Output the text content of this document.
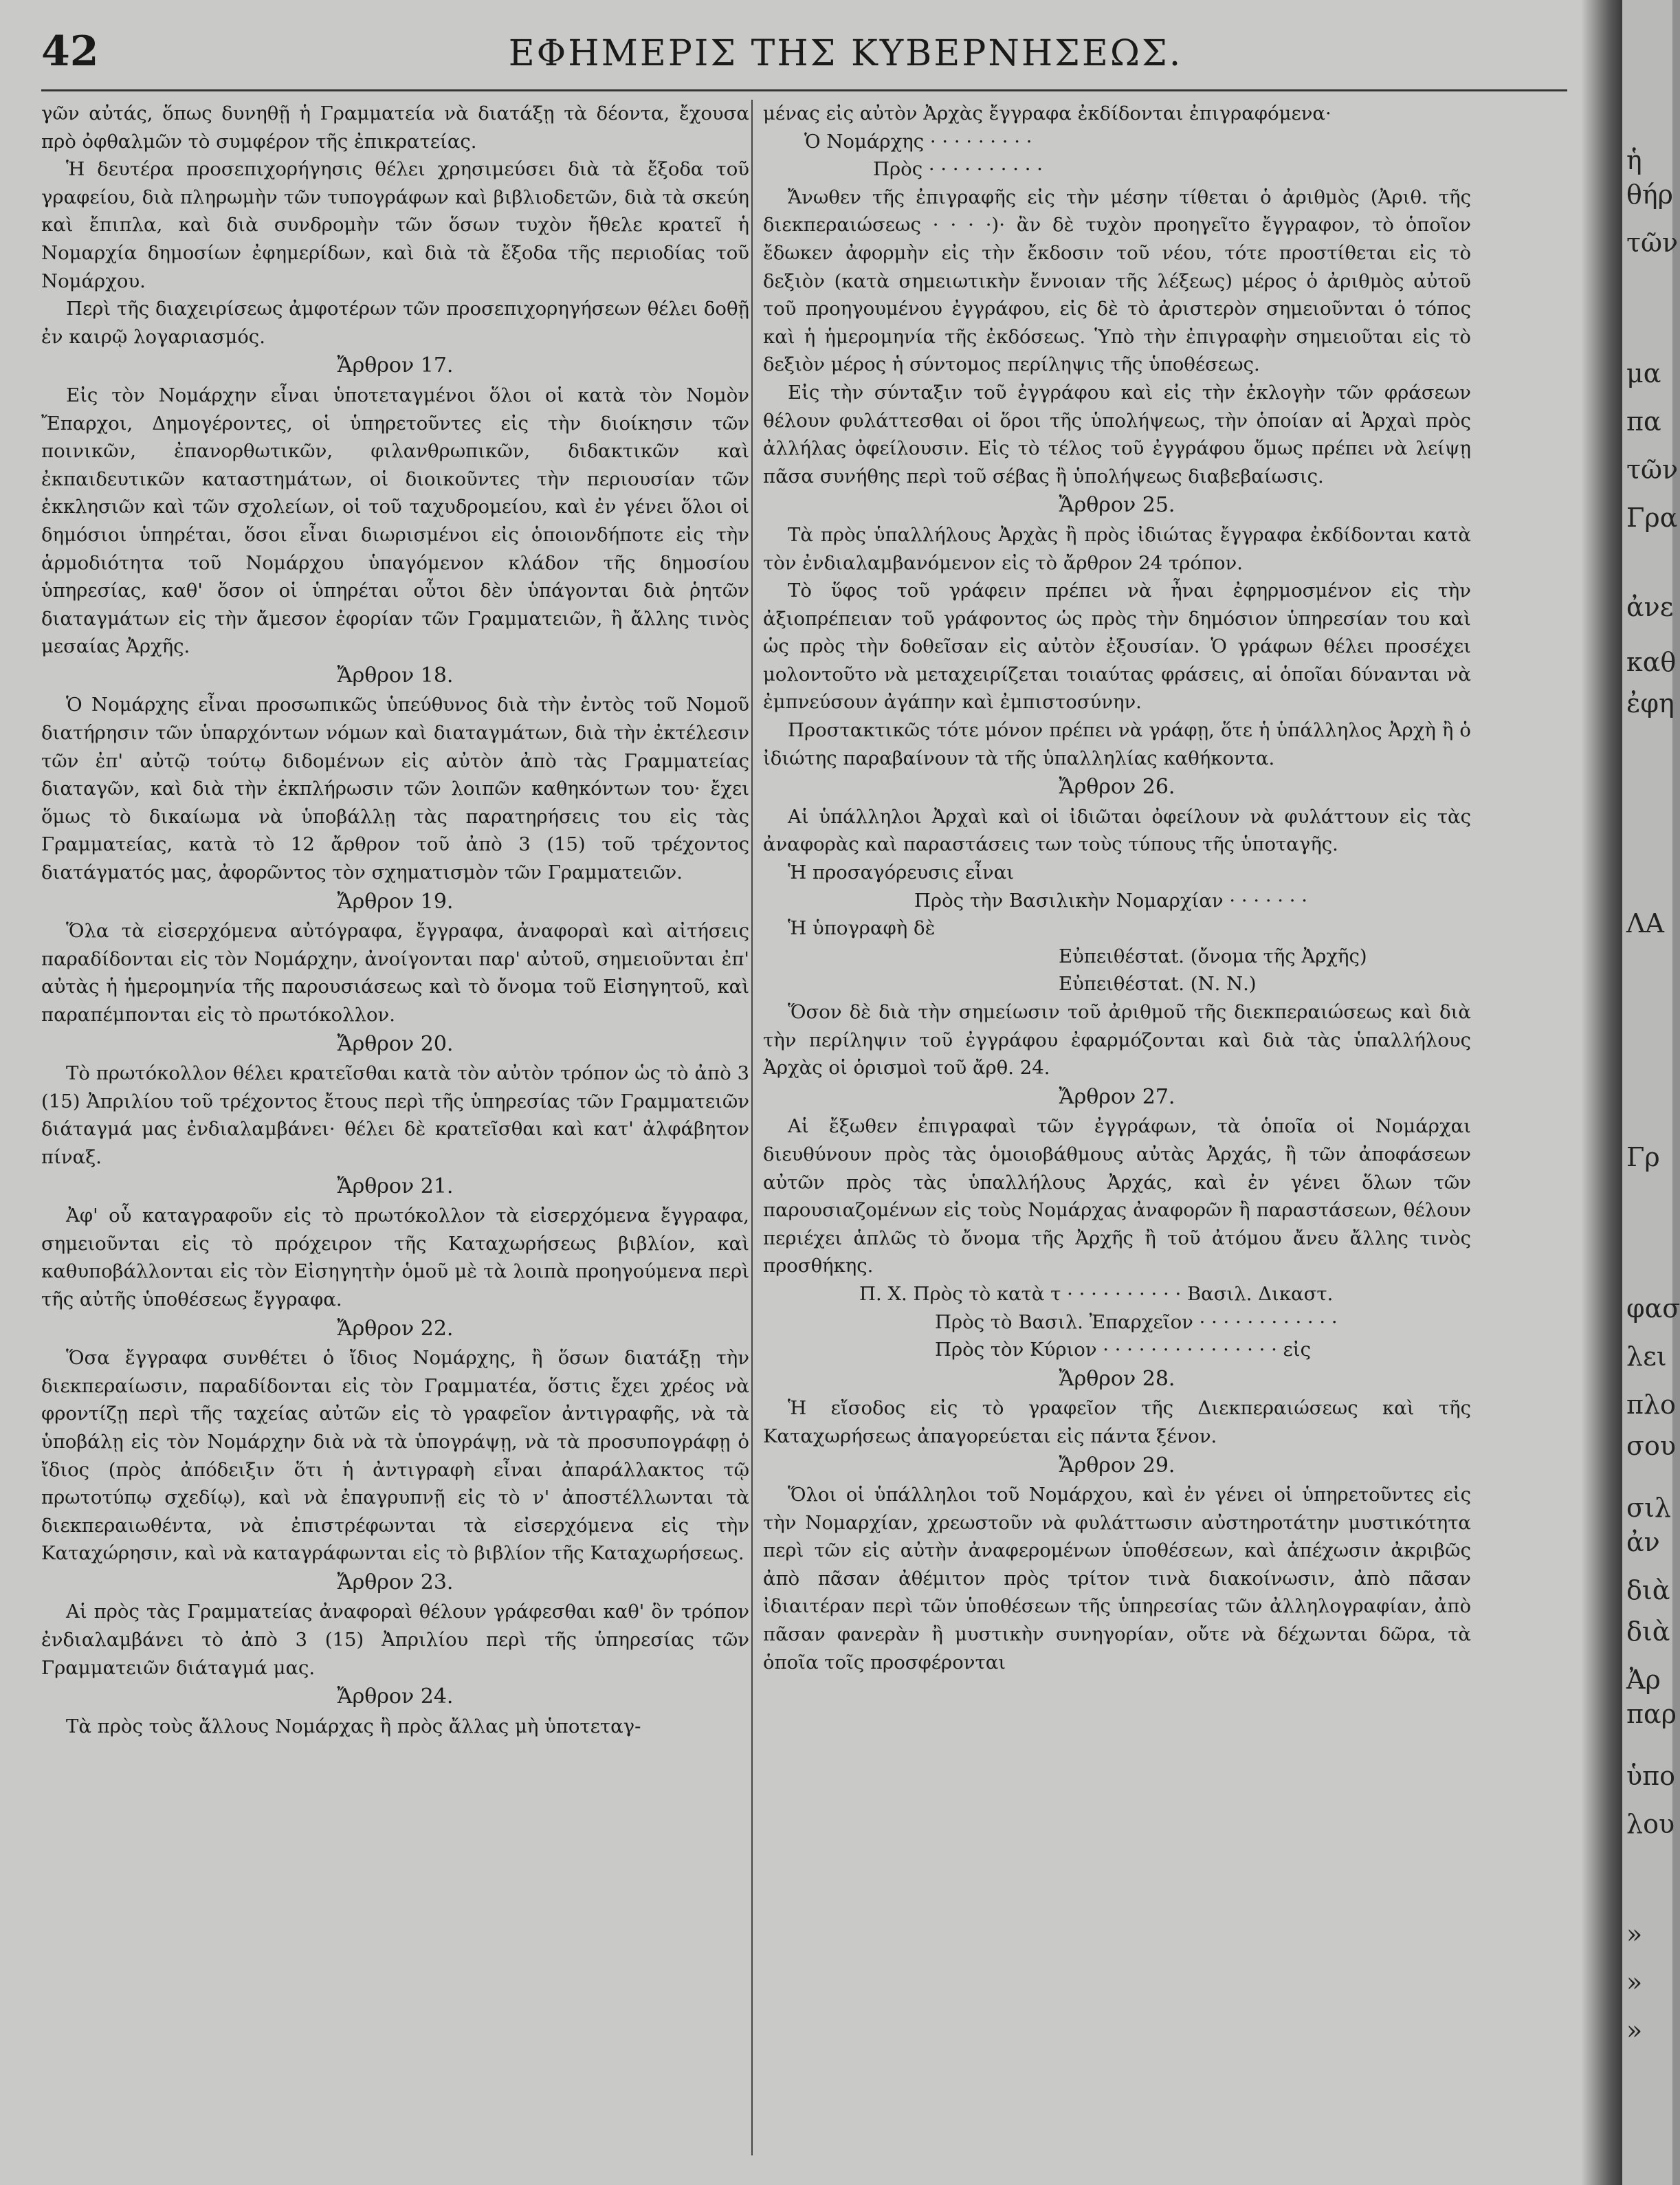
42	ΕΦΗΜΕΡΙΣ ΤΗΣ ΚΥΒΕΡΝΗΣΕΩΣ.

γῶν αὐτάς, ὅπως δυνηθῇ ἡ Γραμματεία νὰ διατάξῃ τὰ δέοντα, ἔχουσα πρὸ ὀφθαλμῶν τὸ συμφέρον τῆς ἐπικρατείας.

Ἡ δευτέρα προσεπιχορήγησις θέλει χρησιμεύσει διὰ τὰ ἔξοδα τοῦ γραφείου, διὰ πληρωμὴν τῶν τυπογράφων καὶ βιβλιοδετῶν, διὰ τὰ σκεύη καὶ ἔπιπλα, καὶ διὰ συνδρομὴν τῶν ὅσων τυχὸν ἤθελε κρατεῖ ἡ Νομαρχία δημοσίων ἐφημερίδων, καὶ διὰ τὰ ἔξοδα τῆς περιοδίας τοῦ Νομάρχου.

Περὶ τῆς διαχειρίσεως ἀμφοτέρων τῶν προσεπιχορηγήσεων θέλει δοθῇ ἐν καιρῷ λογαριασμός.

Ἄρθρον 17.

Εἰς τὸν Νομάρχην εἶναι ὑποτεταγμένοι ὅλοι οἱ κατὰ τὸν Νομὸν Ἔπαρχοι, Δημογέροντες, οἱ ὑπηρετοῦντες εἰς τὴν διοίκησιν τῶν ποινικῶν, ἐπανορθωτικῶν, φιλανθρωπικῶν, διδακτικῶν καὶ ἐκπαιδευτικῶν καταστημάτων, οἱ διοικοῦντες τὴν περιουσίαν τῶν ἐκκλησιῶν καὶ τῶν σχολείων, οἱ τοῦ ταχυδρομείου, καὶ ἐν γένει ὅλοι οἱ δημόσιοι ὑπηρέται, ὅσοι εἶναι διωρισμένοι εἰς ὁποιονδήποτε εἰς τὴν ἁρμοδιότητα τοῦ Νομάρχου ὑπαγόμενον κλάδον τῆς δημοσίου ὑπηρεσίας, καθ' ὅσον οἱ ὑπηρέται οὗτοι δὲν ὑπάγονται διὰ ῥητῶν διαταγμάτων εἰς τὴν ἄμεσον ἐφορίαν τῶν Γραμματειῶν, ἢ ἄλλης τινὸς μεσαίας Ἀρχῆς.

Ἄρθρον 18.

Ὁ Νομάρχης εἶναι προσωπικῶς ὑπεύθυνος διὰ τὴν ἐντὸς τοῦ Νομοῦ διατήρησιν τῶν ὑπαρχόντων νόμων καὶ διαταγμάτων, διὰ τὴν ἐκτέλεσιν τῶν ἐπ' αὐτῷ τούτῳ διδομένων εἰς αὐτὸν ἀπὸ τὰς Γραμματείας διαταγῶν, καὶ διὰ τὴν ἐκπλήρωσιν τῶν λοιπῶν καθηκόντων του· ἔχει ὅμως τὸ δικαίωμα νὰ ὑποβάλλῃ τὰς παρατηρήσεις του εἰς τὰς Γραμματείας, κατὰ τὸ 12 ἄρθρον τοῦ ἀπὸ 3 (15) τοῦ τρέχοντος διατάγματός μας, ἀφορῶντος τὸν σχηματισμὸν τῶν Γραμματειῶν.

Ἄρθρον 19.

Ὅλα τὰ εἰσερχόμενα αὐτόγραφα, ἔγγραφα, ἀναφοραὶ καὶ αἰτήσεις παραδίδονται εἰς τὸν Νομάρχην, ἀνοίγονται παρ' αὐτοῦ, σημειοῦνται ἐπ' αὐτὰς ἡ ἡμερομηνία τῆς παρουσιάσεως καὶ τὸ ὄνομα τοῦ Εἰσηγητοῦ, καὶ παραπέμπονται εἰς τὸ πρωτόκολλον.

Ἄρθρον 20.

Τὸ πρωτόκολλον θέλει κρατεῖσθαι κατὰ τὸν αὐτὸν τρόπον ὡς τὸ ἀπὸ 3 (15) Ἀπριλίου τοῦ τρέχοντος ἔτους περὶ τῆς ὑπηρεσίας τῶν Γραμματειῶν διάταγμά μας ἐνδιαλαμβάνει· θέλει δὲ κρατεῖσθαι καὶ κατ' ἀλφάβητον πίναξ.

Ἄρθρον 21.

Ἀφ' οὗ καταγραφοῦν εἰς τὸ πρωτόκολλον τὰ εἰσερχόμενα ἔγγραφα, σημειοῦνται εἰς τὸ πρόχειρον τῆς Καταχωρήσεως βιβλίον, καὶ καθυποβάλλονται εἰς τὸν Εἰσηγητὴν ὁμοῦ μὲ τὰ λοιπὰ προηγούμενα περὶ τῆς αὐτῆς ὑποθέσεως ἔγγραφα.

Ἄρθρον 22.

Ὅσα ἔγγραφα συνθέτει ὁ ἴδιος Νομάρχης, ἢ ὅσων διατάξῃ τὴν διεκπεραίωσιν, παραδίδονται εἰς τὸν Γραμματέα, ὅστις ἔχει χρέος νὰ φροντίζῃ περὶ τῆς ταχείας αὐτῶν εἰς τὸ γραφεῖον ἀντιγραφῆς, νὰ τὰ ὑποβάλῃ εἰς τὸν Νομάρχην διὰ νὰ τὰ ὑπογράψῃ, νὰ τὰ προσυπογράφῃ ὁ ἴδιος (πρὸς ἀπόδειξιν ὅτι ἡ ἀντιγραφὴ εἶναι ἀπαράλλακτος τῷ πρωτοτύπῳ σχεδίῳ), καὶ νὰ ἐπαγρυπνῇ εἰς τὸ ν' ἀποστέλλωνται τὰ διεκπεραιωθέντα, νὰ ἐπιστρέφωνται τὰ εἰσερχόμενα εἰς τὴν Καταχώρησιν, καὶ νὰ καταγράφωνται εἰς τὸ βιβλίον τῆς Καταχωρήσεως.

Ἄρθρον 23.

Αἱ πρὸς τὰς Γραμματείας ἀναφοραὶ θέλουν γράφεσθαι καθ' ὃν τρόπον ἐνδιαλαμβάνει τὸ ἀπὸ 3 (15) Ἀπριλίου περὶ τῆς ὑπηρεσίας τῶν Γραμματειῶν διάταγμά μας.

Ἄρθρον 24.

Τὰ πρὸς τοὺς ἄλλους Νομάρχας ἢ πρὸς ἄλλας μὴ ὑποτεταγ-

μένας εἰς αὐτὸν Ἀρχὰς ἔγγραφα ἐκδίδονται ἐπιγραφόμενα·

Ὁ Νομάρχης · · · · · · · · ·

Πρὸς · · · · · · · · · ·

Ἄνωθεν τῆς ἐπιγραφῆς εἰς τὴν μέσην τίθεται ὁ ἀριθμὸς (Ἀριθ. τῆς διεκπεραιώσεως · · · ·)· ἂν δὲ τυχὸν προηγεῖτο ἔγγραφον, τὸ ὁποῖον ἔδωκεν ἀφορμὴν εἰς τὴν ἔκδοσιν τοῦ νέου, τότε προστίθεται εἰς τὸ δεξιὸν (κατὰ σημειωτικὴν ἔννοιαν τῆς λέξεως) μέρος ὁ ἀριθμὸς αὐτοῦ τοῦ προηγουμένου ἐγγράφου, εἰς δὲ τὸ ἀριστερὸν σημειοῦνται ὁ τόπος καὶ ἡ ἡμερομηνία τῆς ἐκδόσεως. Ὑπὸ τὴν ἐπιγραφὴν σημειοῦται εἰς τὸ δεξιὸν μέρος ἡ σύντομος περίληψις τῆς ὑποθέσεως.

Εἰς τὴν σύνταξιν τοῦ ἐγγράφου καὶ εἰς τὴν ἐκλογὴν τῶν φράσεων θέλουν φυλάττεσθαι οἱ ὅροι τῆς ὑπολήψεως, τὴν ὁποίαν αἱ Ἀρχαὶ πρὸς ἀλλήλας ὀφείλουσιν. Εἰς τὸ τέλος τοῦ ἐγγράφου ὅμως πρέπει νὰ λείψῃ πᾶσα συνήθης περὶ τοῦ σέβας ἢ ὑπολήψεως διαβεβαίωσις.

Ἄρθρον 25.

Τὰ πρὸς ὑπαλλήλους Ἀρχὰς ἢ πρὸς ἰδιώτας ἔγγραφα ἐκδίδονται κατὰ τὸν ἐνδιαλαμβανόμενον εἰς τὸ ἄρθρον 24 τρόπον.

Τὸ ὕφος τοῦ γράφειν πρέπει νὰ ἦναι ἐφηρμοσμένον εἰς τὴν ἀξιοπρέπειαν τοῦ γράφοντος ὡς πρὸς τὴν δημόσιον ὑπηρεσίαν του καὶ ὡς πρὸς τὴν δοθεῖσαν εἰς αὐτὸν ἐξουσίαν. Ὁ γράφων θέλει προσέχει μολοντοῦτο νὰ μεταχειρίζεται τοιαύτας φράσεις, αἱ ὁποῖαι δύνανται νὰ ἐμπνεύσουν ἀγάπην καὶ ἐμπιστοσύνην.

Προστακτικῶς τότε μόνον πρέπει νὰ γράφῃ, ὅτε ἡ ὑπάλληλος Ἀρχὴ ἢ ὁ ἰδιώτης παραβαίνουν τὰ τῆς ὑπαλληλίας καθήκοντα.

Ἄρθρον 26.

Αἱ ὑπάλληλοι Ἀρχαὶ καὶ οἱ ἰδιῶται ὀφείλουν νὰ φυλάττουν εἰς τὰς ἀναφορὰς καὶ παραστάσεις των τοὺς τύπους τῆς ὑποταγῆς.

Ἡ προσαγόρευσις εἶναι

Πρὸς τὴν Βασιλικὴν Νομαρχίαν · · · · · · ·

Ἡ ὑπογραφὴ δὲ

Εὐπειθέσταt. (ὄνομα τῆς Ἀρχῆς)

Εὐπειθέσταt. (Ν. Ν.)

Ὅσον δὲ διὰ τὴν σημείωσιν τοῦ ἀριθμοῦ τῆς διεκπεραιώσεως καὶ διὰ τὴν περίληψιν τοῦ ἐγγράφου ἐφαρμόζονται καὶ διὰ τὰς ὑπαλλήλους Ἀρχὰς οἱ ὁρισμοὶ τοῦ ἄρθ. 24.

Ἄρθρον 27.

Αἱ ἔξωθεν ἐπιγραφαὶ τῶν ἐγγράφων, τὰ ὁποῖα οἱ Νομάρχαι διευθύνουν πρὸς τὰς ὁμοιοβάθμους αὐτὰς Ἀρχάς, ἢ τῶν ἀποφάσεων αὐτῶν πρὸς τὰς ὑπαλλήλους Ἀρχάς, καὶ ἐν γένει ὅλων τῶν παρουσιαζομένων εἰς τοὺς Νομάρχας ἀναφορῶν ἢ παραστάσεων, θέλουν περιέχει ἁπλῶς τὸ ὄνομα τῆς Ἀρχῆς ἢ τοῦ ἀτόμου ἄνευ ἄλλης τινὸς προσθήκης.

Π. Χ. Πρὸς τὸ κατὰ τ · · · · · · · · · · Βασιλ. Δικαστ.

Πρὸς τὸ Βασιλ. Ἐπαρχεῖον · · · · · · · · · · · ·

Πρὸς τὸν Κύριον · · · · · · · · · · · · · · · εἰς

Ἄρθρον 28.

Ἡ εἴσοδος εἰς τὸ γραφεῖον τῆς Διεκπεραιώσεως καὶ τῆς Καταχωρήσεως ἀπαγορεύεται εἰς πάντα ξένον.

Ἄρθρον 29.

Ὅλοι οἱ ὑπάλληλοι τοῦ Νομάρχου, καὶ ἐν γένει οἱ ὑπηρετοῦντες εἰς τὴν Νομαρχίαν, χρεωστοῦν νὰ φυλάττωσιν αὐστηροτάτην μυστικότητα περὶ τῶν εἰς αὐτὴν ἀναφερομένων ὑποθέσεων, καὶ ἀπέχωσιν ἀκριβῶς ἀπὸ πᾶσαν ἀθέμιτον πρὸς τρίτον τινὰ διακοίνωσιν, ἀπὸ πᾶσαν ἰδιαιτέραν περὶ τῶν ὑποθέσεων τῆς ὑπηρεσίας τῶν ἀλληλογραφίαν, ἀπὸ πᾶσαν φανερὰν ἢ μυστικὴν συνηγορίαν, οὔτε νὰ δέχωνται δῶρα, τὰ ὁποῖα τοῖς προσφέρονται

ἡ
θήρ
τῶν
μα
πα
τῶν
Γρα
ἀνε
καθ
ἐφη
ΛΑ
Γρ
φασ
λει
πλο
σου
σιλ
ἀν
διὰ
διὰ
Ἀρ
παρ
ὑπο
λου
»
»
»
